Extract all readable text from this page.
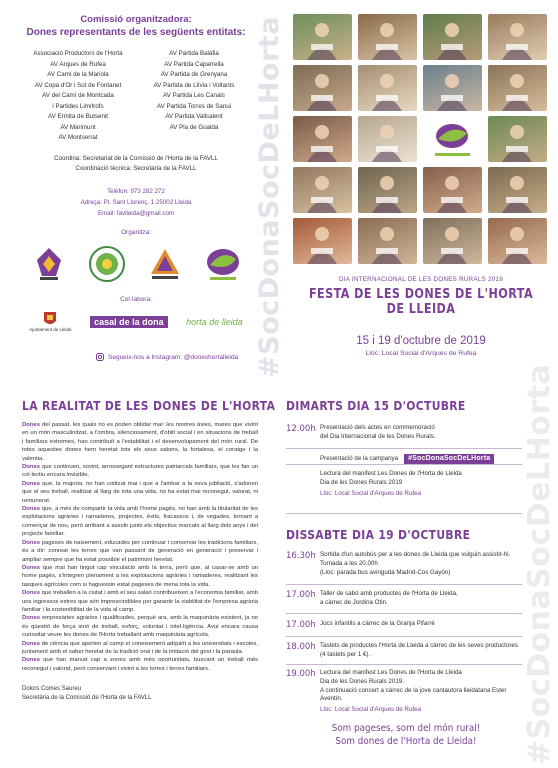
Comissió organitzadora:
Dones representants de les següents entitats:
Associació Productors de l'Horta
AV Arques de Rufea
AV Camí de la Mariola
AV Copa d'Or i Sot de Fontanet
AV del Camí de Montcada
i Partides Limítrofs
AV Ermita de Butsenit
AV Marimunt
AV Montserrat
AV Partida Balàfia
AV Partida Caparrella
AV Partida de Grenyana
AV Partida de Llívia i Voltants
AV Partida Les Canals
AV Partida Torres de Sanui
AV Partida Vallcalent
AV Pla de Gualda
Coordina: Secretariat de la Comissió de l'Horta de la FAVLL
Coordinació tècnica: Secretaria de la FAVLL
Telèfon: 973 282 272
Adreça: Pl. Sant Llorenç, 1 25002 Lleida
Email: favlleida@gmail.com
Organitza:
Col·labora:
Ajuntament de Lleida
casal de la dona	horta de lleida
Segueix-nos a Instagram: @doneshortalleida
DIA INTERNACIONAL DE LES DONES RURALS 2019
FESTA DE LES DONES DE L'HORTA DE LLEIDA
15 i 19 d'octubre de 2019
Lloc: Local Social d'Arques de Rufea
#SocDonaSocDeLHorta
#SocDonaSocDeLHorta
LA REALITAT DE LES DONES DE L'HORTA
Dones del passat, les quals no es poden oblidar mai: les nostres àvies, mares que vivint en un món masculinitzat, a l'ombra, silenciosament, d'obilt social i en situacions de treball i familiars extremes, han contribuït a l'estabilitat i el desenvolupament del món rural. De totes aquestes dones hem heretat tots els seus sabers, la fortalesa, el coratge i la valentia.
Dones que continuen, sovint, arrossegant estructures patriarcals familiars, que les fan un col·lectiu encara invisible.
Dones que, la majoria, no han cotitzat mai i que a l'ambar a la seva jubilació, s'adonen que el seu treball, realitzat al llarg de tota una vida, no ha estat mai reconegut, valorat, ni remunerat.
Dones que, a més de compartir la vida amb l'home pagès, no han amb la titularitat de les explotacions agràries i ramaderes, projectes, èxits, fracassos i, de vegades, tornant a començar de nou, però arribant a assolir junts els objectius marcats al llarg dels anys i del projecte familiar.
Dones pageses de naixement, educades per continuar i conservar les tradicions familiars, és a dir: conrear les terres que van passant de generació en generació i preservar i ampliar sempre que ha estat possible el patrimoni heretat.
Dones que mai han tingut cap vinculació amb la terra, però que, al casar-se amb un home pagès, s'integren plenament a les explotacions agràries i ramaderes, realitzant les tasques agrícoles com si haguessin estat pageses de mena tota la vida.
Dones que treballen a la ciutat i amb el seu salari contribueixen a l'economia familiar, amb uns ingressos extres que són imprescindibles per garantir la viabilitat de l'empresa agrària familiar i la sostenibilitat de la vida al camp.
Dones empresàries agràries i qualificades, perquè ara, amb la maquinària existent, ja no és qüestió de força sinó de treball, esforç, voluntat i intel·ligència. Avui encara causa curiositat veure les dones de l'Horta treballant amb maquinària agrícola.
Dones de ciència que aporten al camp el coneixement adquirit a les universitats i escoles, juntament amb el saber heretat de la tradició oral i de la imitació del gest i la paraula.
Dones que han marxat cap a zones amb més oportunitats, buscant un treball més reconegut i valorat, però conservant i vivint a les torres i terres familiars.
Dolors Comes Saureu
Secretària de la Comissió de l'Horta de la FAVLL
DIMARTS DIA 15 D'OCTUBRE
DISSABTE DIA 19 D'OCTUBRE
12.00h Presentació dels actes en commemoració
del Dia Internacional de les Dones Rurals.
Presentació de la campanya	#SocDonaSocDeLHorta
Lectura del manifest Les Dones de l'Horta de Lleida
Dia de les Dones Rurals 2019
Lloc: Local Social d'Arques de Rufea
16.30h Sortida d'un autobús per a les dones de Lleida que vulguin assistir-hi.
Tornada a les 20.00h
(Lloc: parada bus avinguda Madrid-Cos Gayón)
17.00h Taller de sabó amb productes de l'Horta de Lleida,
a càrrec de Jordina Otin.
17.00h Jocs infantils a càrrec de la Granja Pifarré
18.00h Tastets de productes l'Horta de Lleida a càrrec de les seves productores
(4 tastets per 1 €).
19.00h Lectura del manifest Les Dones de l'Horta de Lleida
Dia de les Dones Rurals 2019.
A continuació concert a càrrec de la jove cantautora lleidatana Ester Aventín.
Lloc: Local Social d'Arques de Rufea
Som pageses, som del món rural!
Som dones de l'Horta de Lleida!
